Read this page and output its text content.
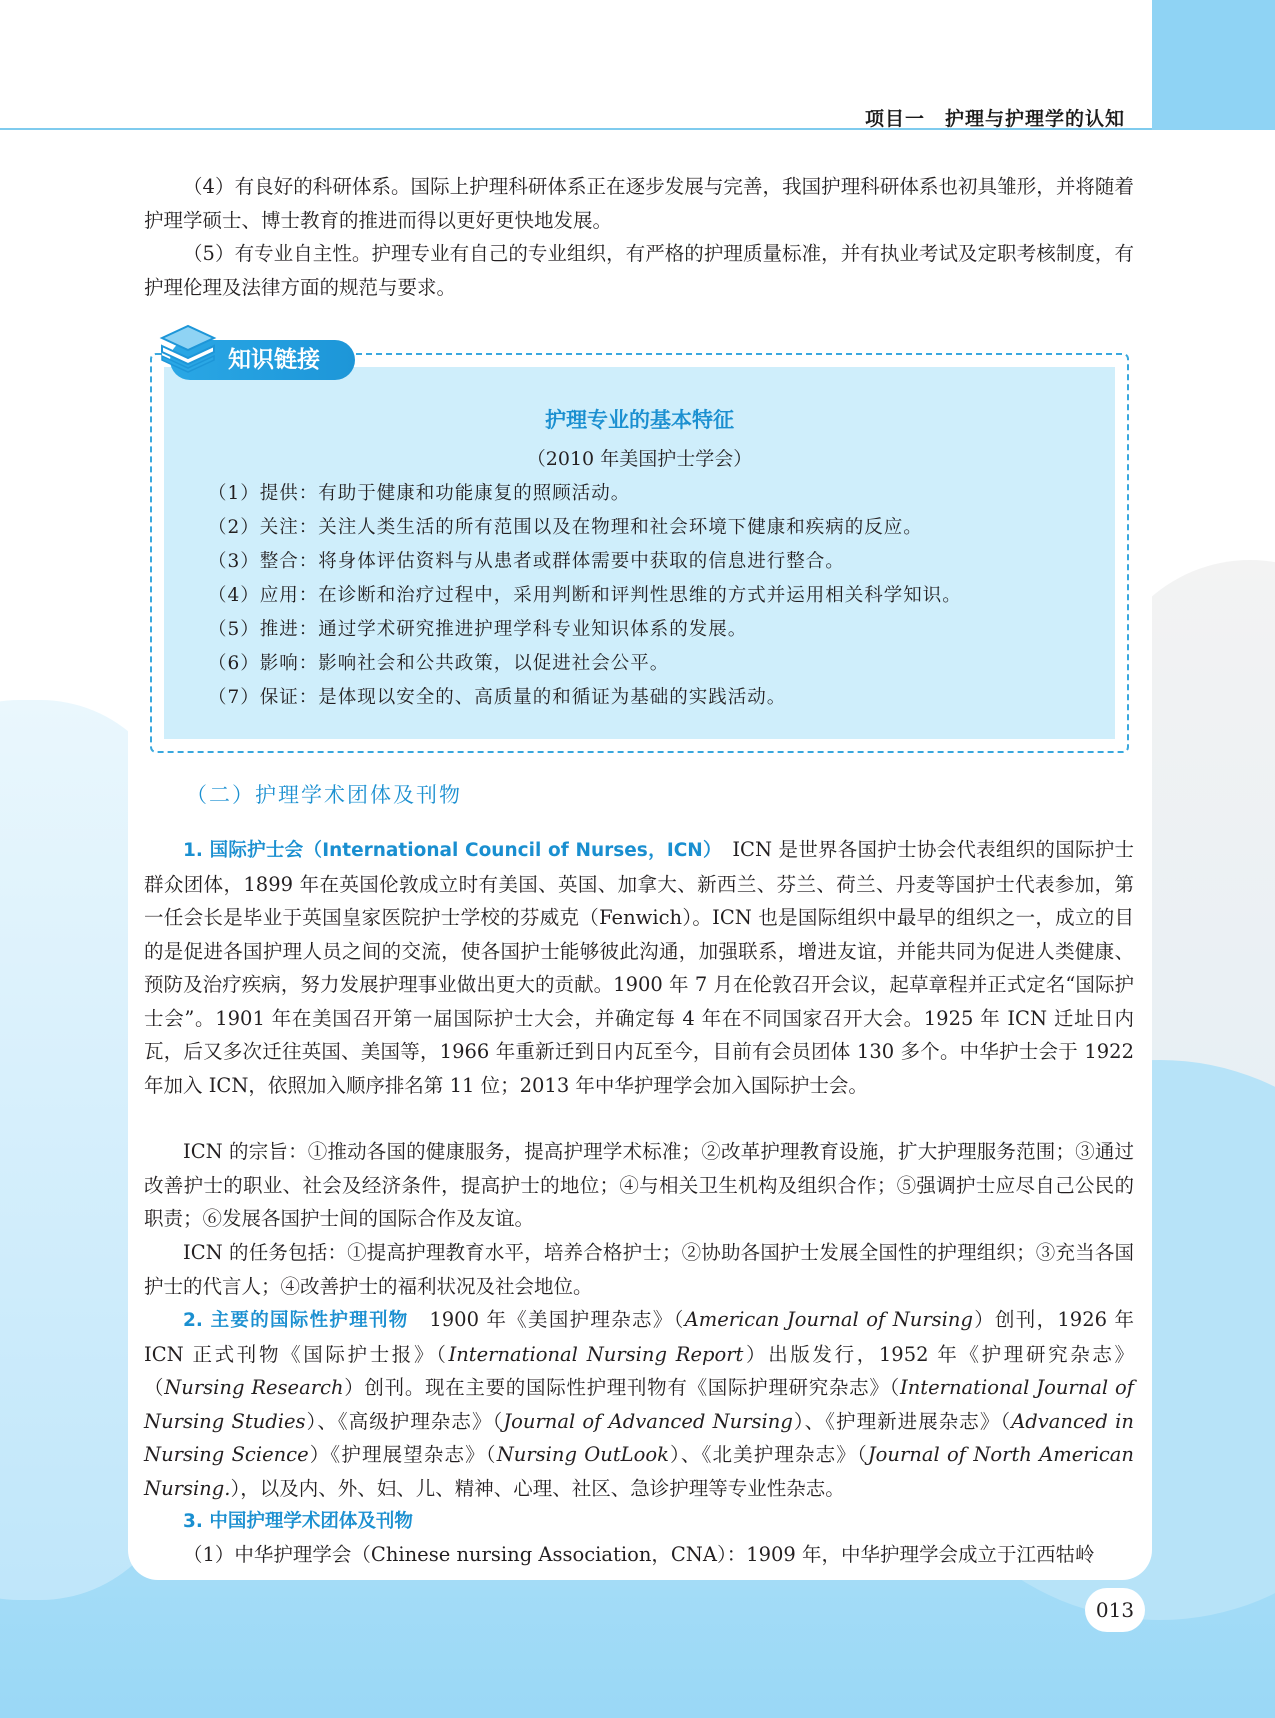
项目一　护理与护理学的认知

（4）有良好的科研体系。国际上护理科研体系正在逐步发展与完善，我国护理科研体系也初具雏形，并将随着护理学硕士、博士教育的推进而得以更好更快地发展。

（5）有专业自主性。护理专业有自己的专业组织，有严格的护理质量标准，并有执业考试及定职考核制度，有护理伦理及法律方面的规范与要求。

知识链接
护理专业的基本特征
（2010 年美国护士学会）
（1）提供：有助于健康和功能康复的照顾活动。
（2）关注：关注人类生活的所有范围以及在物理和社会环境下健康和疾病的反应。
（3）整合：将身体评估资料与从患者或群体需要中获取的信息进行整合。
（4）应用：在诊断和治疗过程中，采用判断和评判性思维的方式并运用相关科学知识。
（5）推进：通过学术研究推进护理学科专业知识体系的发展。
（6）影响：影响社会和公共政策，以促进社会公平。
（7）保证：是体现以安全的、高质量的和循证为基础的实践活动。
（二）护理学术团体及刊物

1. 国际护士会（International Council of Nurses，ICN）　ICN 是世界各国护士协会代表组织的国际护士群众团体，1899 年在英国伦敦成立时有美国、英国、加拿大、新西兰、芬兰、荷兰、丹麦等国护士代表参加，第一任会长是毕业于英国皇家医院护士学校的芬威克（Fenwich）。ICN 也是国际组织中最早的组织之一，成立的目的是促进各国护理人员之间的交流，使各国护士能够彼此沟通，加强联系，增进友谊，并能共同为促进人类健康、预防及治疗疾病，努力发展护理事业做出更大的贡献。1900 年 7 月在伦敦召开会议，起草章程并正式定名“国际护士会”。1901 年在美国召开第一届国际护士大会，并确定每 4 年在不同国家召开大会。1925 年 ICN 迁址日内瓦，后又多次迁往英国、美国等，1966 年重新迁到日内瓦至今，目前有会员团体 130 多个。中华护士会于 1922 年加入 ICN，依照加入顺序排名第 11 位；2013 年中华护理学会加入国际护士会。

ICN 的宗旨：①推动各国的健康服务，提高护理学术标准；②改革护理教育设施，扩大护理服务范围；③通过改善护士的职业、社会及经济条件，提高护士的地位；④与相关卫生机构及组织合作；⑤强调护士应尽自己公民的职责；⑥发展各国护士间的国际合作及友谊。

ICN 的任务包括：①提高护理教育水平，培养合格护士；②协助各国护士发展全国性的护理组织；③充当各国护士的代言人；④改善护士的福利状况及社会地位。

2. 主要的国际性护理刊物　1900 年《美国护理杂志》（American Journal of Nursing）创刊，1926 年 ICN 正式刊物《国际护士报》（International Nursing Report）出版发行，1952 年《护理研究杂志》（Nursing Research）创刊。现在主要的国际性护理刊物有《国际护理研究杂志》（International Journal of Nursing Studies）、《高级护理杂志》（Journal of Advanced Nursing）、《护理新进展杂志》（Advanced in Nursing Science）《护理展望杂志》（Nursing OutLook）、《北美护理杂志》（Journal of North American Nursing.），以及内、外、妇、儿、精神、心理、社区、急诊护理等专业性杂志。

3. 中国护理学术团体及刊物

（1）中华护理学会（Chinese nursing Association，CNA）：1909 年，中华护理学会成立于江西牯岭

013
